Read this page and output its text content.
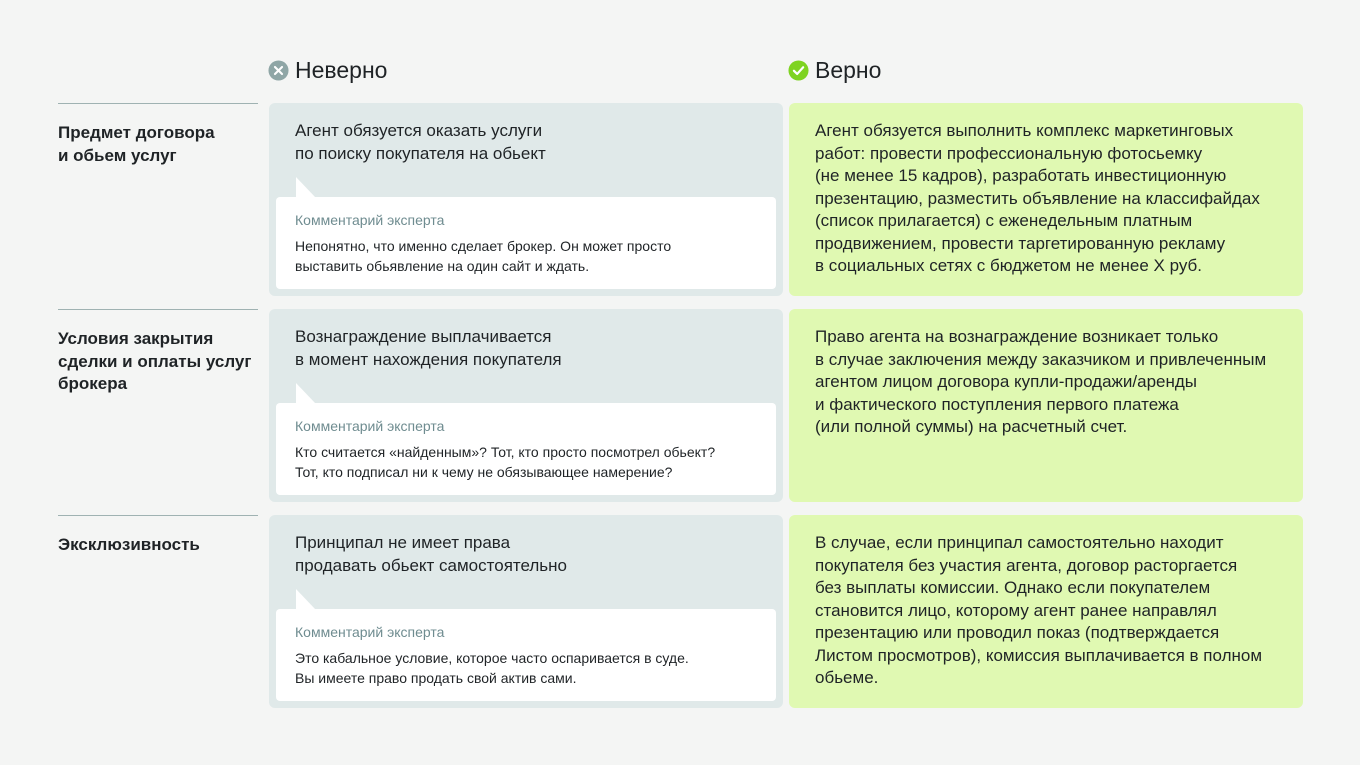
Неверно	Верно
Предмет договора
и обьем услуг
Агент обязуется оказать услуги
по поиску покупателя на обьект
Комментарий эксперта
Непонятно, что именно сделает брокер. Он может просто
выставить обьявление на один сайт и ждать.
Агент обязуется выполнить комплекс маркетинговых
работ: провести профессиональную фотосьемку
(не менее 15 кадров), разработать инвестиционную
презентацию, разместить объявление на классифайдах
(список прилагается) с еженедельным платным
продвижением, провести таргетированную рекламу
в социальных сетях с бюджетом не менее Х руб.
Условия закрытия
сделки и оплаты услуг
брокера
Вознаграждение выплачивается
в момент нахождения покупателя
Комментарий эксперта
Кто считается «найденным»? Тот, кто просто посмотрел обьект?
Тот, кто подписал ни к чему не обязывающее намерение?
Право агента на вознаграждение возникает только
в случае заключения между заказчиком и привлеченным
агентом лицом договора купли-продажи/аренды
и фактического поступления первого платежа
(или полной суммы) на расчетный счет.
Эксклюзивность	Принципал не имеет права
продавать обьект самостоятельно
Комментарий эксперта
Это кабальное условие, которое часто оспаривается в суде.
Вы имеете право продать свой актив сами.
В случае, если принципал самостоятельно находит
покупателя без участия агента, договор расторгается
без выплаты комиссии. Однако если покупателем
становится лицо, которому агент ранее направлял
презентацию или проводил показ (подтверждается
Листом просмотров), комиссия выплачивается в полном
обьеме.
